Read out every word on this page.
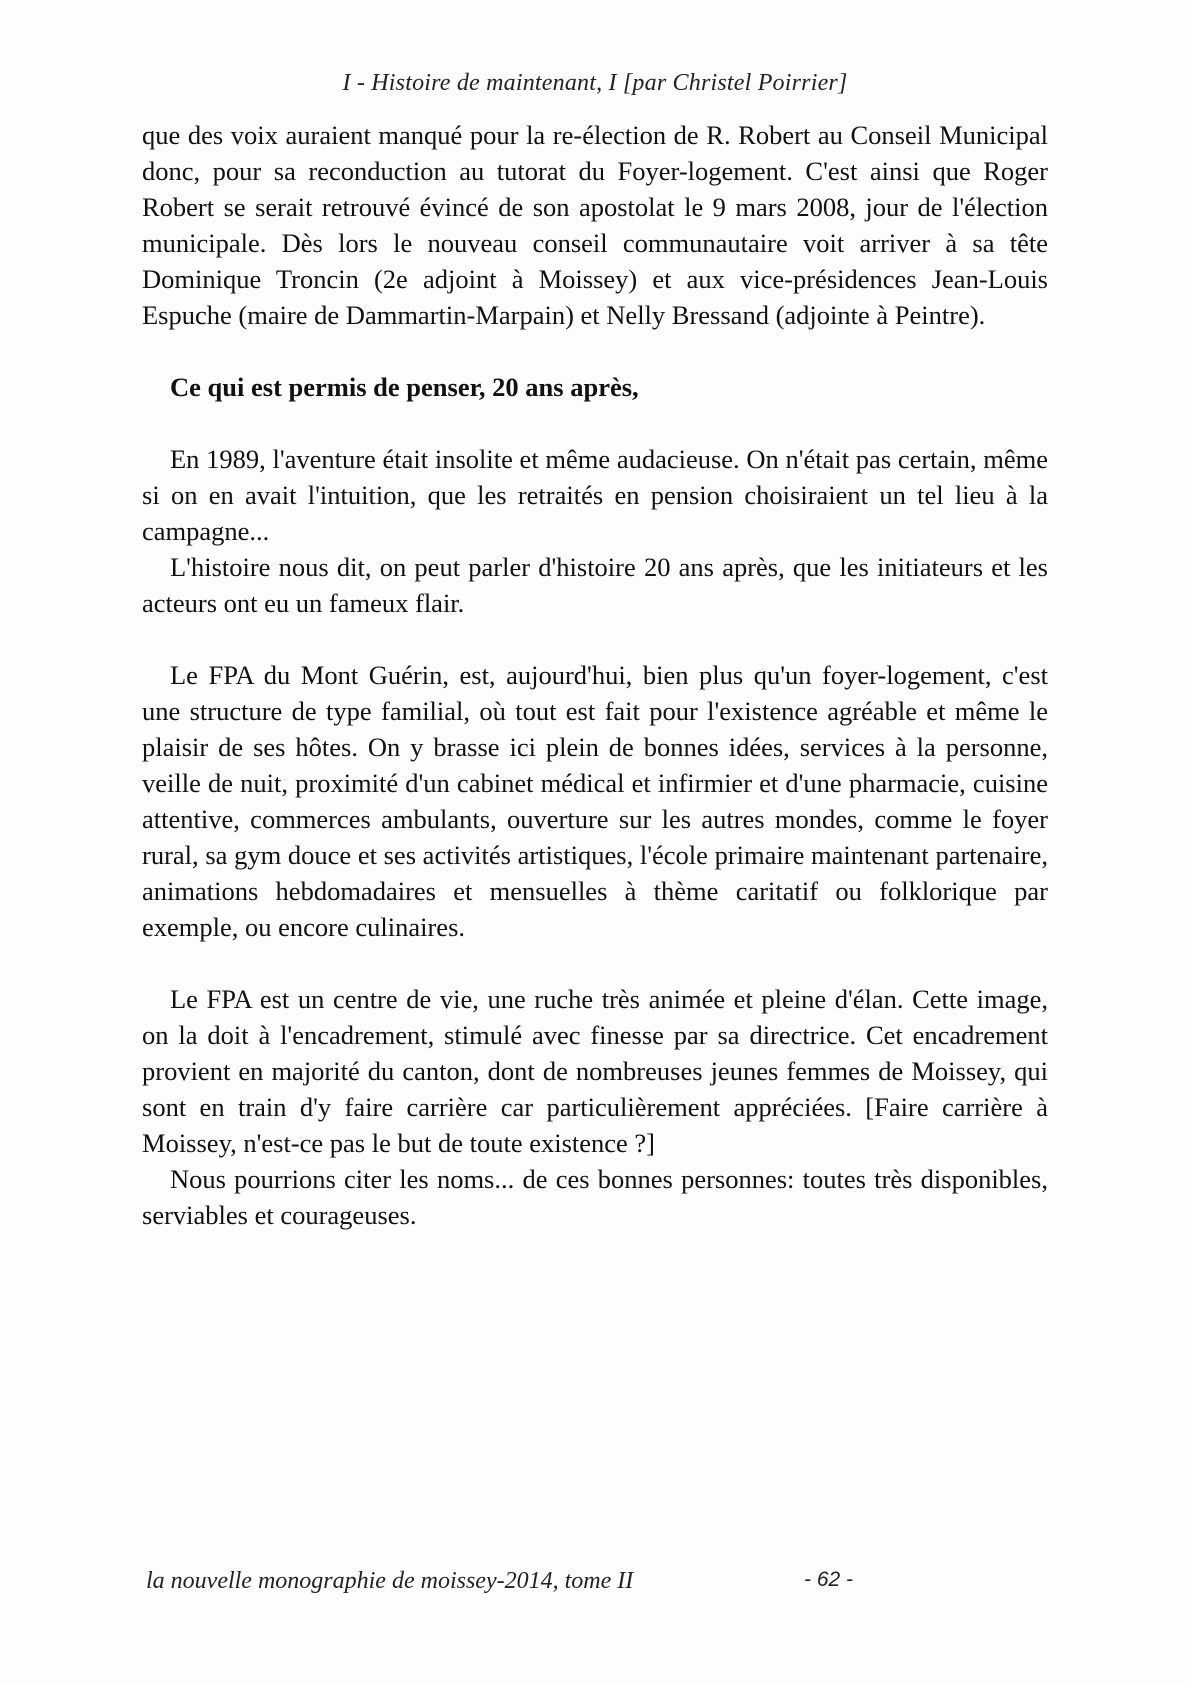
I - Histoire de maintenant, I [par Christel Poirrier]

que des voix auraient manqué pour la re-élection de R. Robert au Conseil Municipal donc, pour sa reconduction au tutorat du Foyer-logement. C'est ainsi que Roger Robert se serait retrouvé évincé de son apostolat le 9 mars 2008, jour de l'élection municipale. Dès lors le nouveau conseil communautaire voit arriver à sa tête Dominique Troncin (2e adjoint à Moissey) et aux vice-présidences Jean-Louis Espuche (maire de Dammartin-Marpain) et Nelly Bressand (adjointe à Peintre).

Ce qui est permis de penser, 20 ans après,

En 1989, l'aventure était insolite et même audacieuse. On n'était pas certain, même si on en avait l'intuition, que les retraités en pension choisiraient un tel lieu à la campagne...

L'histoire nous dit, on peut parler d'histoire 20 ans après, que les initiateurs et les acteurs ont eu un fameux flair.

Le FPA du Mont Guérin, est, aujourd'hui, bien plus qu'un foyer-logement, c'est une structure de type familial, où tout est fait pour l'existence agréable et même le plaisir de ses hôtes. On y brasse ici plein de bonnes idées, services à la personne, veille de nuit, proximité d'un cabinet médical et infirmier et d'une pharmacie, cuisine attentive, commerces ambulants, ouverture sur les autres mondes, comme le foyer rural, sa gym douce et ses activités artistiques, l'école primaire maintenant partenaire, animations hebdomadaires et mensuelles à thème caritatif ou folklorique par exemple, ou encore culinaires.

Le FPA est un centre de vie, une ruche très animée et pleine d'élan. Cette image, on la doit à l'encadrement, stimulé avec finesse par sa directrice. Cet encadrement provient en majorité du canton, dont de nombreuses jeunes femmes de Moissey, qui sont en train d'y faire carrière car particulièrement appréciées. [Faire carrière à Moissey, n'est-ce pas le but de toute existence ?]

Nous pourrions citer les noms... de ces bonnes personnes: toutes très disponibles, serviables et courageuses.

la nouvelle monographie de moissey-2014, tome II	- 62 -
